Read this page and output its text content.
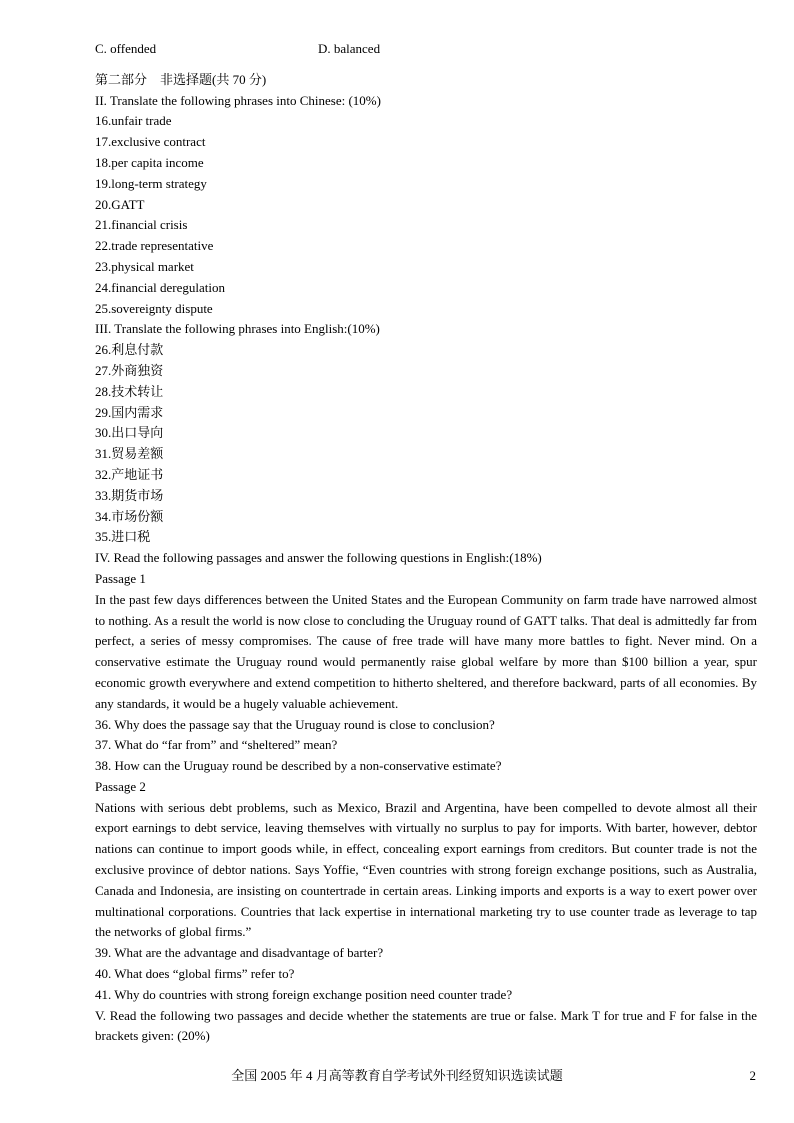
C. offended	D. balanced
第二部分　非选择题(共 70 分)
II. Translate the following phrases into Chinese: (10%)
16.unfair trade
17.exclusive contract
18.per capita income
19.long-term strategy
20.GATT
21.financial crisis
22.trade representative
23.physical market
24.financial deregulation
25.sovereignty dispute
III. Translate the following phrases into English:(10%)
26.利息付款
27.外商独资
28.技术转让
29.国内需求
30.出口导向
31.贸易差额
32.产地证书
33.期货市场
34.市场份额
35.进口税
IV. Read the following passages and answer the following questions in English:(18%)
Passage 1
In the past few days differences between the United States and the European Community on farm trade have narrowed almost to nothing. As a result the world is now close to concluding the Uruguay round of GATT talks. That deal is admittedly far from perfect, a series of messy compromises. The cause of free trade will have many more battles to fight. Never mind. On a conservative estimate the Uruguay round would permanently raise global welfare by more than $100 billion a year, spur economic growth everywhere and extend competition to hitherto sheltered, and therefore backward, parts of all economies. By any standards, it would be a hugely valuable achievement.
36. Why does the passage say that the Uruguay round is close to conclusion?
37. What do “far from” and “sheltered” mean?
38. How can the Uruguay round be described by a non-conservative estimate?
Passage 2
Nations with serious debt problems, such as Mexico, Brazil and Argentina, have been compelled to devote almost all their export earnings to debt service, leaving themselves with virtually no surplus to pay for imports. With barter, however, debtor nations can continue to import goods while, in effect, concealing export earnings from creditors. But counter trade is not the exclusive province of debtor nations. Says Yoffie, “Even countries with strong foreign exchange positions, such as Australia, Canada and Indonesia, are insisting on countertrade in certain areas. Linking imports and exports is a way to exert power over multinational corporations. Countries that lack expertise in international marketing try to use counter trade as leverage to tap the networks of global firms.”
39. What are the advantage and disadvantage of barter?
40. What does “global firms” refer to?
41. Why do countries with strong foreign exchange position need counter trade?
V. Read the following two passages and decide whether the statements are true or false. Mark T for true and F for false in the brackets given: (20%)
全国 2005 年 4 月高等教育自学考试外刊经贸知识选读试题	2
